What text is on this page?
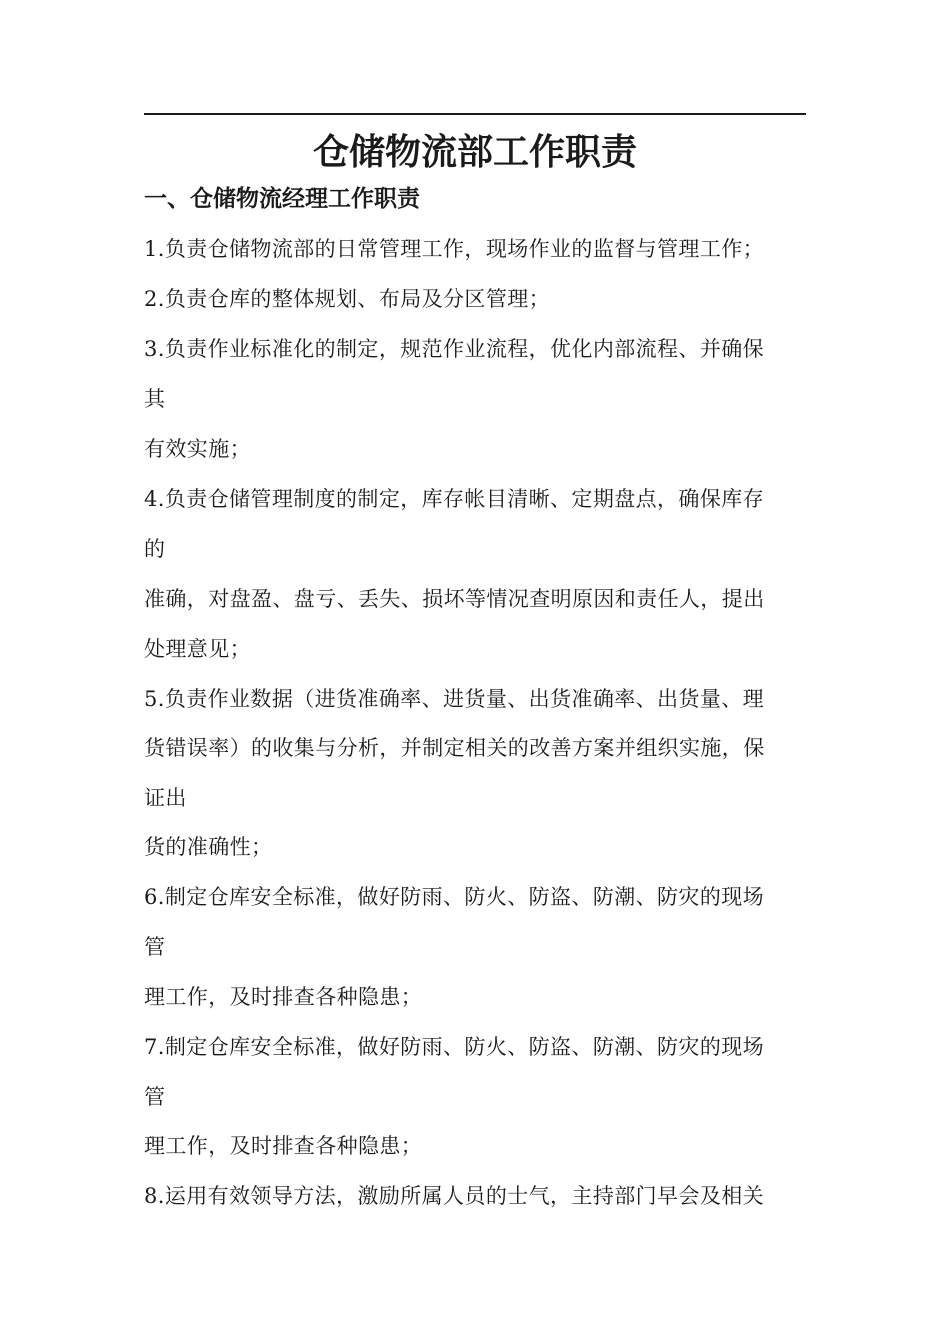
仓储物流部工作职责
一、仓储物流经理工作职责
1.负责仓储物流部的日常管理工作，现场作业的监督与管理工作；
2.负责仓库的整体规划、布局及分区管理；
3.负责作业标准化的制定，规范作业流程，优化内部流程、并确保
其
有效实施；
4.负责仓储管理制度的制定，库存帐目清晰、定期盘点，确保库存
的
准确，对盘盈、盘亏、丢失、损坏等情况查明原因和责任人，提出
处理意见；
5.负责作业数据（进货准确率、进货量、出货准确率、出货量、理
货错误率）的收集与分析，并制定相关的改善方案并组织实施，保
证出
货的准确性；
6.制定仓库安全标准，做好防雨、防火、防盗、防潮、防灾的现场
管
理工作，及时排查各种隐患；
7.制定仓库安全标准，做好防雨、防火、防盗、防潮、防灾的现场
管
理工作，及时排查各种隐患；
8.运用有效领导方法，激励所属人员的士气，主持部门早会及相关
